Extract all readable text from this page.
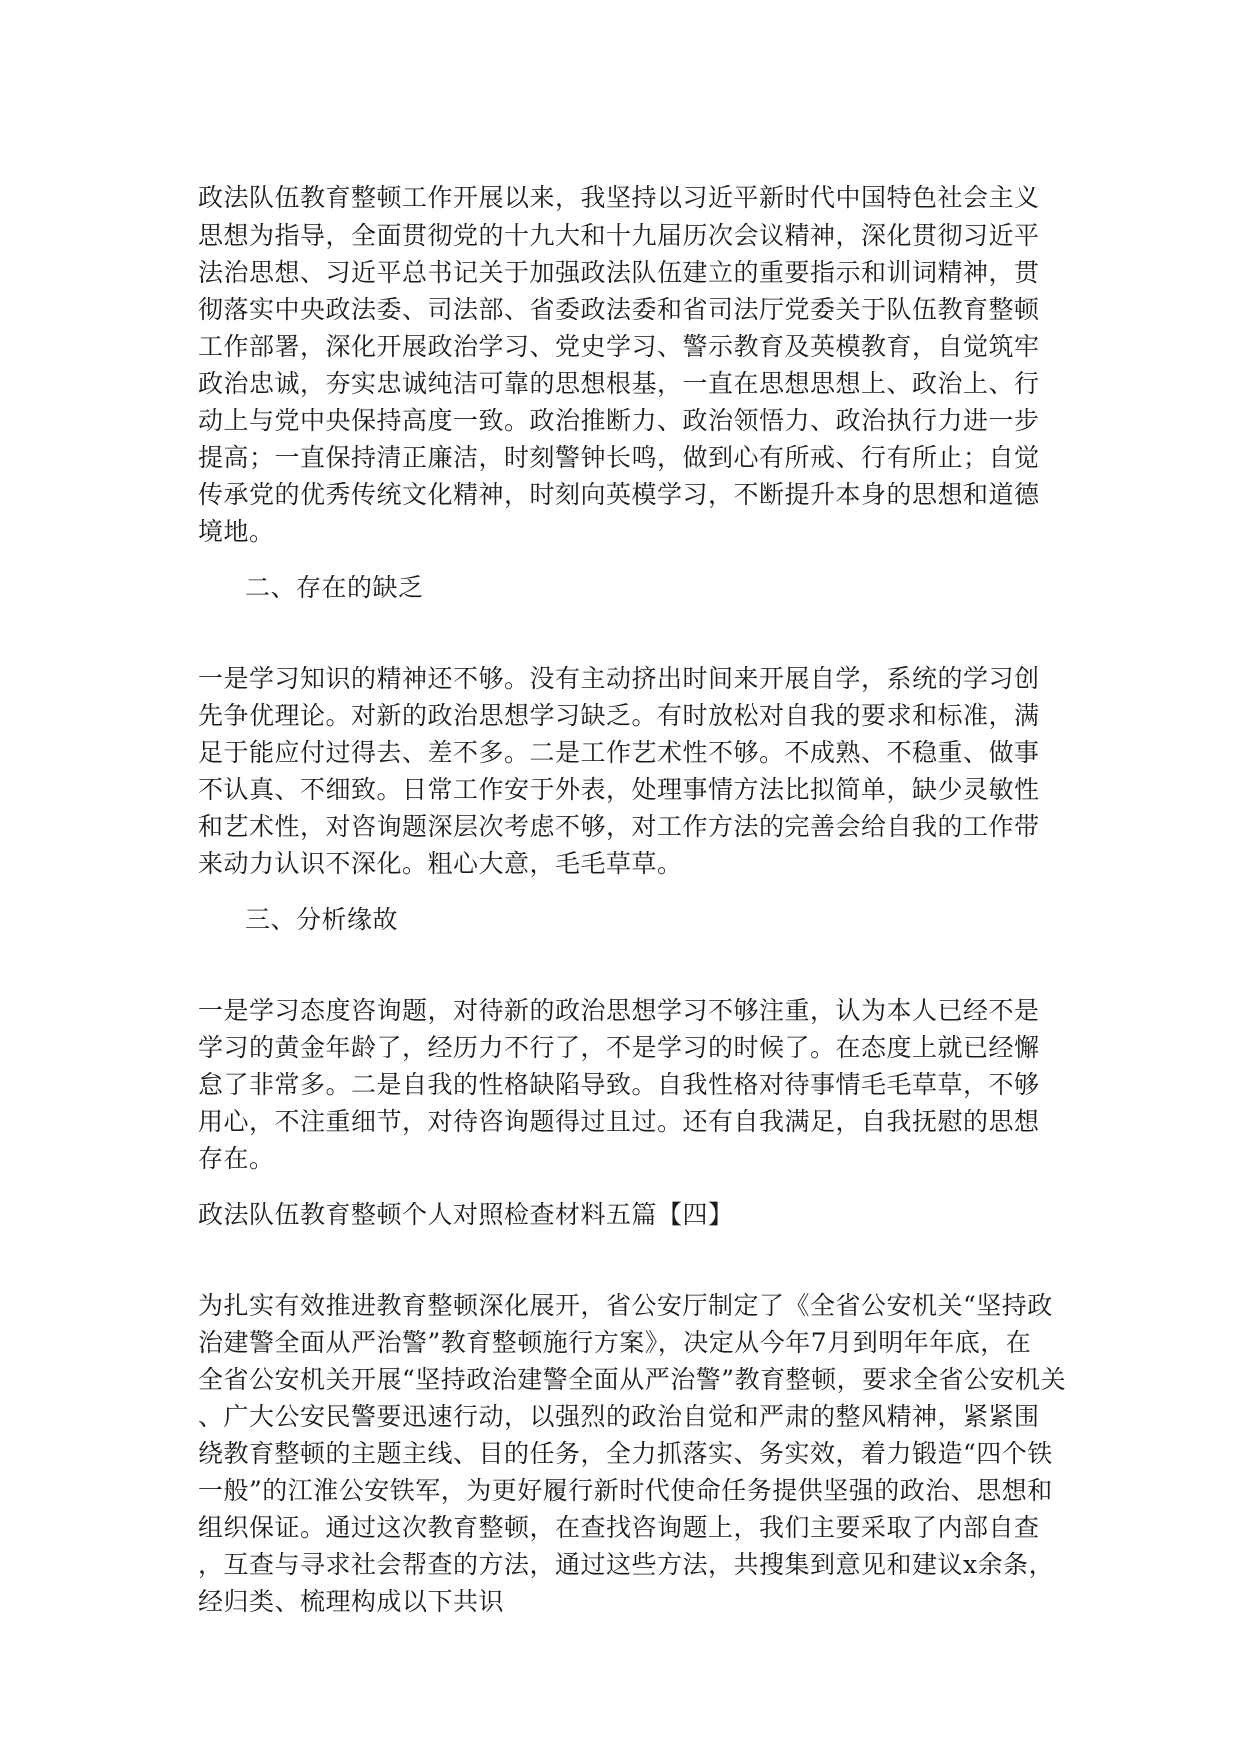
政法队伍教育整顿工作开展以来，我坚持以习近平新时代中国特色社会主义

思想为指导，全面贯彻党的十九大和十九届历次会议精神，深化贯彻习近平

法治思想、习近平总书记关于加强政法队伍建立的重要指示和训词精神，贯

彻落实中央政法委、司法部、省委政法委和省司法厅党委关于队伍教育整顿

工作部署，深化开展政治学习、党史学习、警示教育及英模教育，自觉筑牢

政治忠诚，夯实忠诚纯洁可靠的思想根基，一直在思想思想上、政治上、行

动上与党中央保持高度一致。政治推断力、政治领悟力、政治执行力进一步

提高；一直保持清正廉洁，时刻警钟长鸣，做到心有所戒、行有所止；自觉

传承党的优秀传统文化精神，时刻向英模学习，不断提升本身的思想和道德

境地。

二、存在的缺乏

一是学习知识的精神还不够。没有主动挤出时间来开展自学，系统的学习创

先争优理论。对新的政治思想学习缺乏。有时放松对自我的要求和标准，满

足于能应付过得去、差不多。二是工作艺术性不够。不成熟、不稳重、做事

不认真、不细致。日常工作安于外表，处理事情方法比拟简单，缺少灵敏性

和艺术性，对咨询题深层次考虑不够，对工作方法的完善会给自我的工作带

来动力认识不深化。粗心大意，毛毛草草。

三、分析缘故

一是学习态度咨询题，对待新的政治思想学习不够注重，认为本人已经不是

学习的黄金年龄了，经历力不行了，不是学习的时候了。在态度上就已经懈

怠了非常多。二是自我的性格缺陷导致。自我性格对待事情毛毛草草，不够

用心，不注重细节，对待咨询题得过且过。还有自我满足，自我抚慰的思想

存在。

政法队伍教育整顿个人对照检查材料五篇【四】

为扎实有效推进教育整顿深化展开，省公安厅制定了《全省公安机关“坚持政

治建警全面从严治警”教育整顿施行方案》，决定从今年7月到明年年底，在

全省公安机关开展“坚持政治建警全面从严治警”教育整顿，要求全省公安机关

、广大公安民警要迅速行动，以强烈的政治自觉和严肃的整风精神，紧紧围

绕教育整顿的主题主线、目的任务，全力抓落实、务实效，着力锻造“四个铁

一般”的江淮公安铁军，为更好履行新时代使命任务提供坚强的政治、思想和

组织保证。通过这次教育整顿，在查找咨询题上，我们主要采取了内部自查

，互查与寻求社会帮查的方法，通过这些方法，共搜集到意见和建议x余条，

经归类、梳理构成以下共识
